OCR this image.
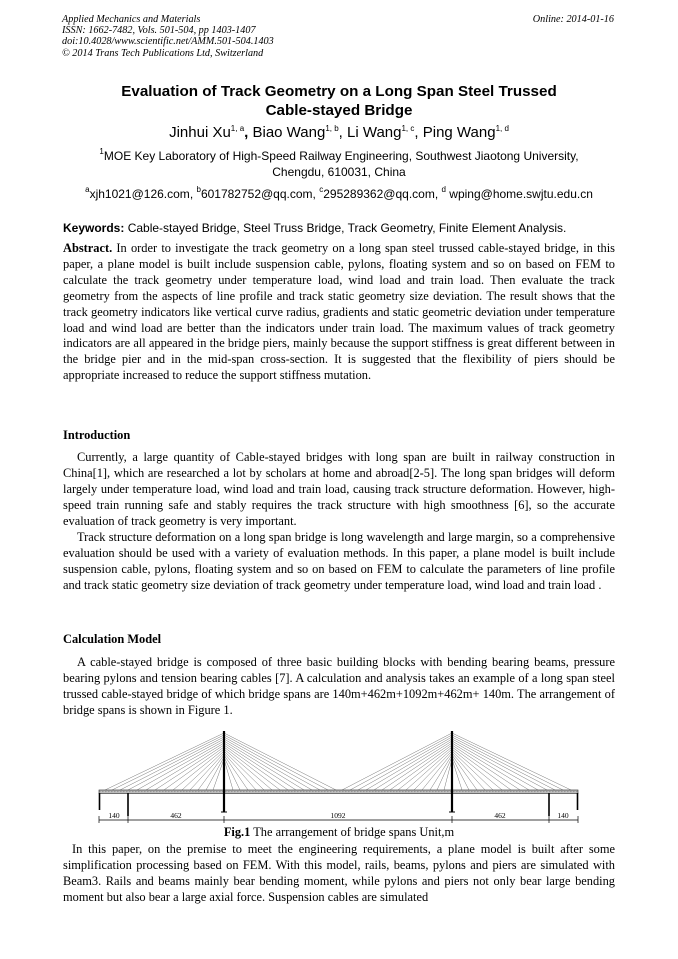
Applied Mechanics and Materials
ISSN: 1662-7482, Vols. 501-504, pp 1403-1407
doi:10.4028/www.scientific.net/AMM.501-504.1403
© 2014 Trans Tech Publications Ltd, Switzerland
Online: 2014-01-16
Evaluation of Track Geometry on a Long Span Steel Trussed
Cable-stayed Bridge
Jinhui Xu$^{1, a}$, Biao Wang$^{1, b}$, Li Wang$^{1, c}$, Ping Wang$^{1, d}$
$^1$MOE Key Laboratory of High-Speed Railway Engineering, Southwest Jiaotong University,
Chengdu, 610031, China
$^a$xjh1021@126.com, $^b$601782752@qq.com, $^c$295289362@qq.com, $^d$ wping@home.swjtu.edu.cn
Keywords: Cable-stayed Bridge, Steel Truss Bridge, Track Geometry, Finite Element Analysis.
Abstract. In order to investigate the track geometry on a long span steel trussed cable-stayed bridge, in this paper, a plane model is built include suspension cable, pylons, floating system and so on based on FEM to calculate the track geometry under temperature load, wind load and train load. Then evaluate the track geometry from the aspects of line profile and track static geometry size deviation. The result shows that the track geometry indicators like vertical curve radius, gradients and static geometric deviation under temperature load and wind load are better than the indicators under train load. The maximum values of track geometry indicators are all appeared in the bridge piers, mainly because the support stiffness is great different between in the bridge pier and in the mid-span cross-section. It is suggested that the flexibility of piers should be appropriate increased to reduce the support stiffness mutation.
Introduction
Currently, a large quantity of Cable-stayed bridges with long span are built in railway construction in China[1], which are researched a lot by scholars at home and abroad[2-5]. The long span bridges will deform largely under temperature load, wind load and train load, causing track structure deformation. However, high-speed train running safe and stably requires the track structure with high smoothness [6], so the accurate evaluation of track geometry is very important.
Track structure deformation on a long span bridge is long wavelength and large margin, so a comprehensive evaluation should be used with a variety of evaluation methods. In this paper, a plane model is built include suspension cable, pylons, floating system and so on based on FEM to calculate the parameters of line profile and track static geometry size deviation of track geometry under temperature load, wind load and train load .
Calculation Model
A cable-stayed bridge is composed of three basic building blocks with bending bearing beams, pressure bearing pylons and tension bearing cables [7]. A calculation and analysis takes an example of a long span steel trussed cable-stayed bridge of which bridge spans are 140m+462m+1092m+462m+ 140m. The arrangement of bridge spans is shown in Figure 1.
140	462	1092	462	140
Fig.1 The arrangement of bridge spans Unit,m
In this paper, on the premise to meet the engineering requirements, a plane model is built after some simplification processing based on FEM. With this model, rails, beams, pylons and piers are simulated with Beam3. Rails and beams mainly bear bending moment, while pylons and piers not only bear large bending moment but also bear a large axial force. Suspension cables are simulated
